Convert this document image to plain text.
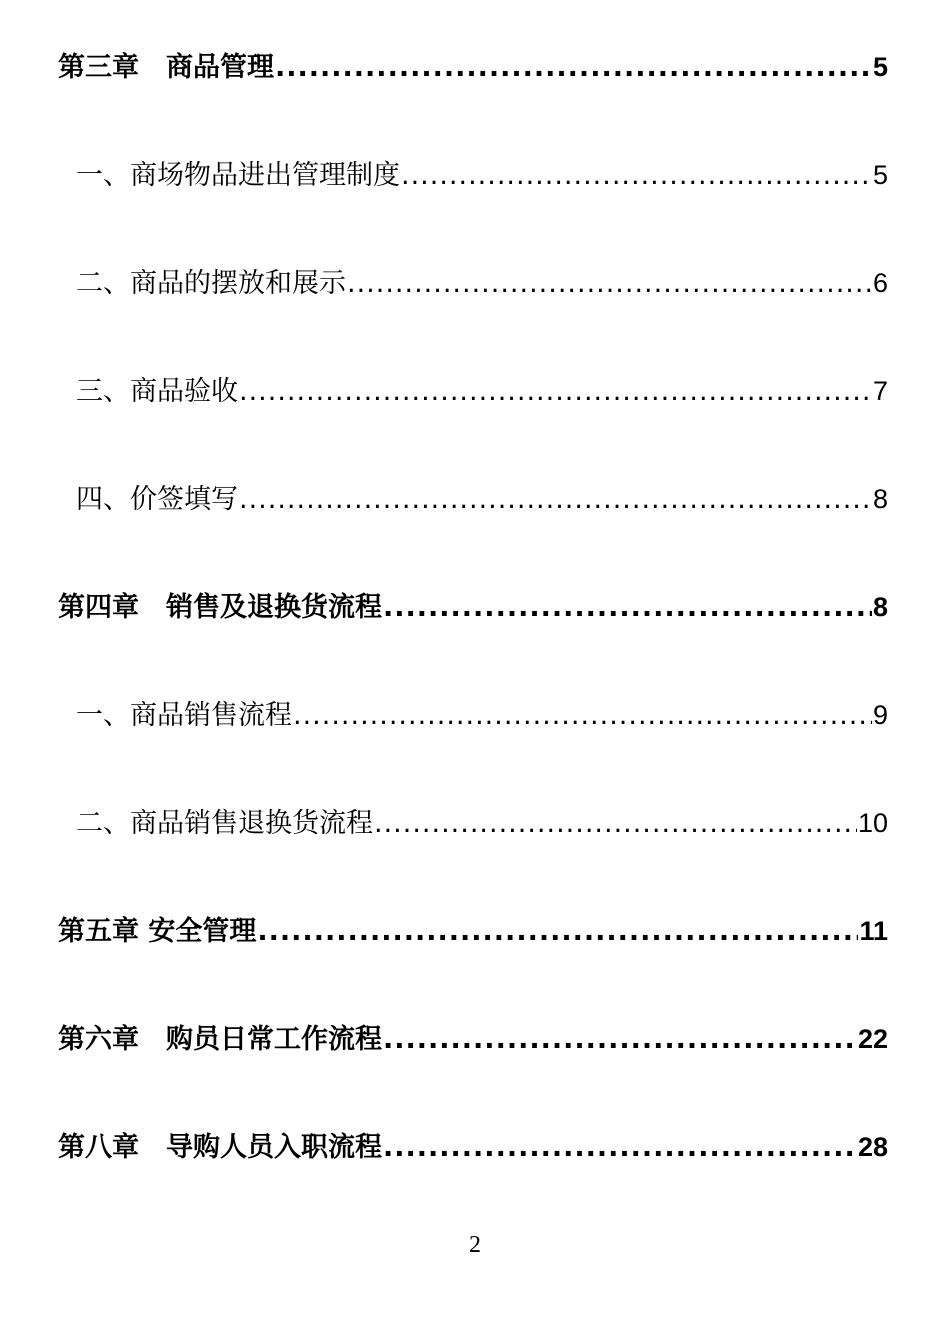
第三章　商品管理 .....	5
一、商场物品进出管理制度 .....	5
二、商品的摆放和展示 .....	6
三、商品验收 .....	7
四、价签填写 .....	8
第四章　销售及退换货流程 .....	8
一、商品销售流程 .....	9
二、商品销售退换货流程 .....	10
第五章 安全管理 .....	11
第六章　购员日常工作流程 .....	22
第八章　导购人员入职流程 .....	28
2
